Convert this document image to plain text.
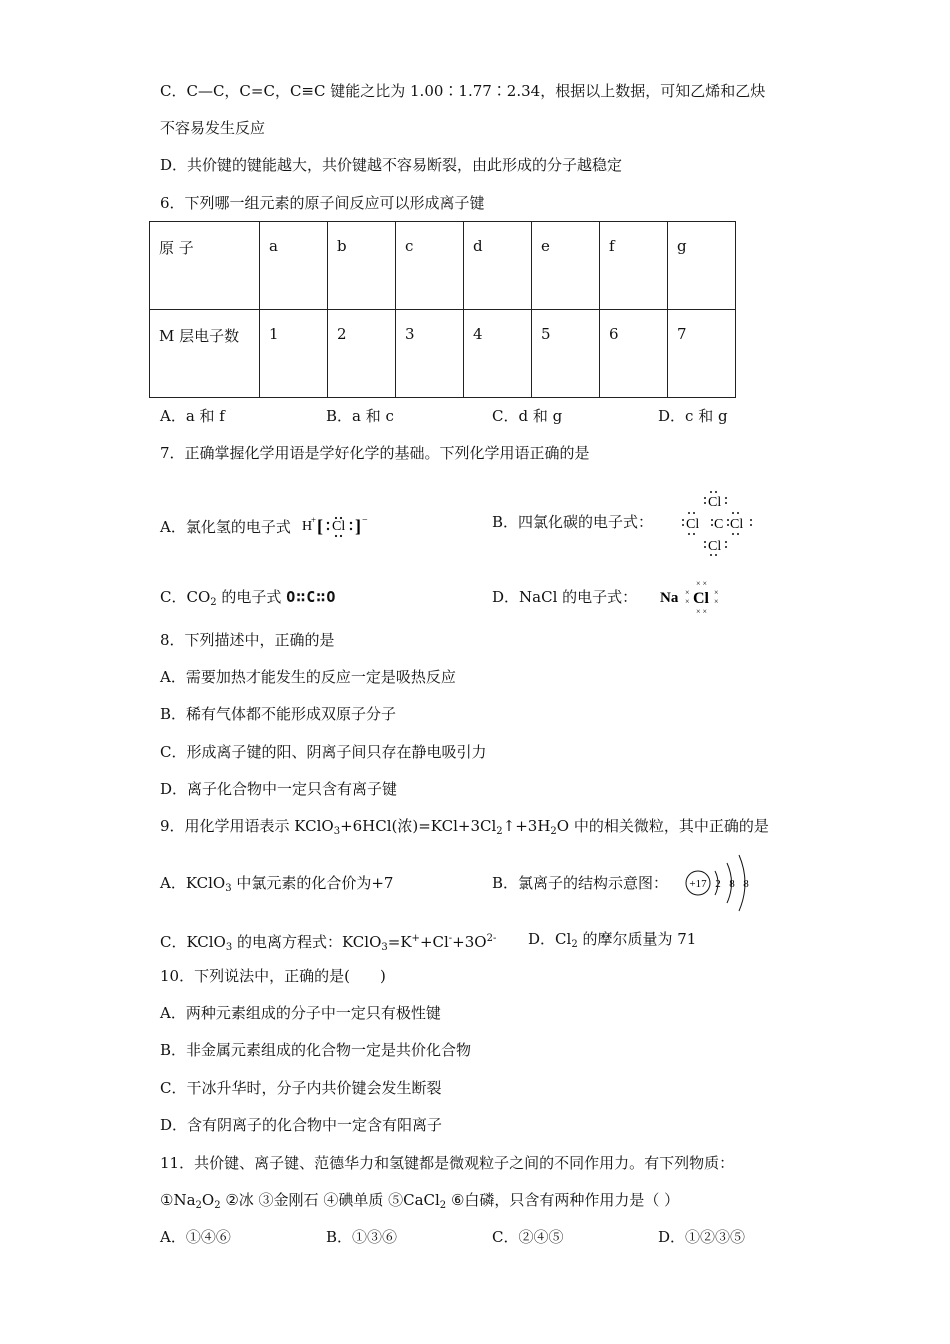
C．C—C，C=C，C≡C 键能之比为 1.00∶1.77∶2.34，根据以上数据，可知乙烯和乙炔
不容易发生反应
D．共价键的键能越大，共价键越不容易断裂，由此形成的分子越稳定
6．下列哪一组元素的原子间反应可以形成离子键
原 子	a	b	c	d	e	f	g
M 层电子数	1	2	3	4	5	6	7
A．a 和 f	B．a 和 c	C．d 和 g	D．c 和 g
7．正确掌握化学用语是学好化学的基础。下列化学用语正确的是
A．氯化氢的电子式 H
+ [ Cl ] −	B．四氯化碳的电子式：
Cl
Cl C Cl
Cl
C．$CO_2$ 的电子式 O∷C∷O	D．NaCl 的电子式： Na Cl
× ×
× ×
×
×
×
×
8．下列描述中，正确的是
A．需要加热才能发生的反应一定是吸热反应
B．稀有气体都不能形成双原子分子
C．形成离子键的阳、阴离子间只存在静电吸引力
D．离子化合物中一定只含有离子键
9．用化学用语表示 KClO$_3$+6HCl(浓)$=KCl+3Cl_2↑+3H_2O$ 中的相关微粒，其中正确的是
A．KClO$_3$ 中氯元素的化合价为+7	B．氯离子的结构示意图： +17 2 8 8
C．KClO$_3$ 的电离方程式：$KClO_3=K^++Cl^-+3O^{2-}$ D．$Cl_2$ 的摩尔质量为 71
10．下列说法中，正确的是(　　)
A．两种元素组成的分子中一定只有极性键
B．非金属元素组成的化合物一定是共价化合物
C．干冰升华时，分子内共价键会发生断裂
D．含有阴离子的化合物中一定含有阳离子
11．共价键、离子键、范德华力和氢键都是微观粒子之间的不同作用力。有下列物质：
$①Na_2O_2$ ②冰 ③金刚石 ④碘单质 ⑤CaCl$_2$ ⑥白磷，只含有两种作用力是（ ）
A．①④⑥	B．①③⑥	C．②④⑤	D．①②③⑤
